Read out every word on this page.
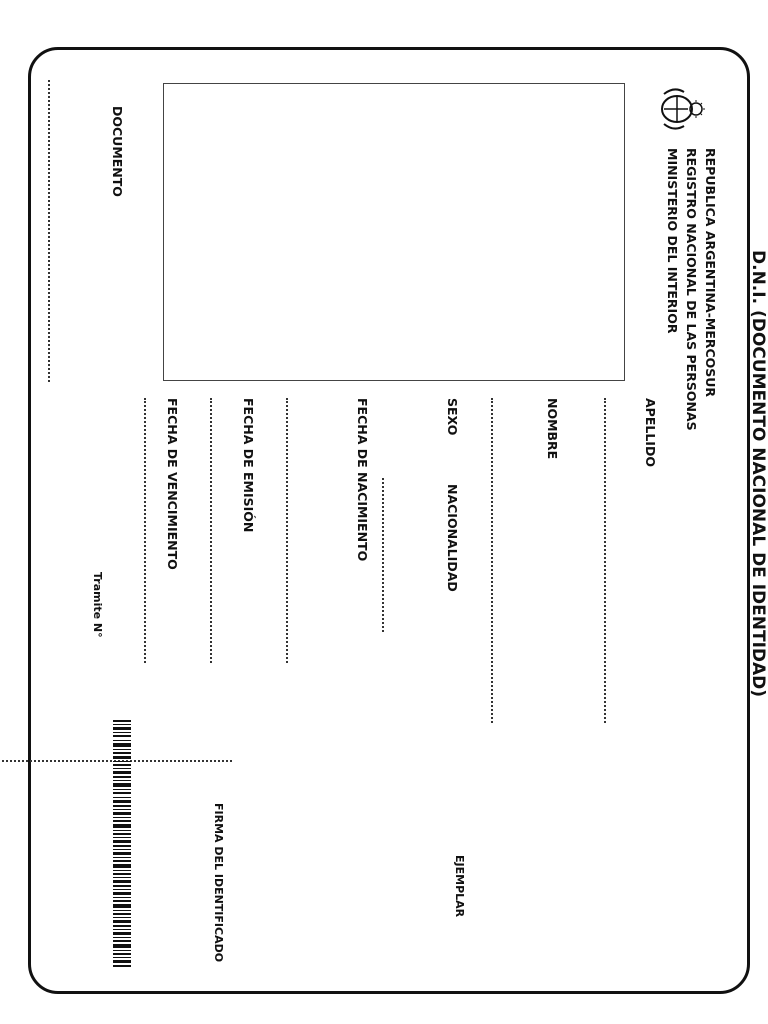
D.N.I. (DOCUMENTO NACIONAL DE IDENTIDAD)
REPUBLICA ARGENTINA-MERCOSUR
REGISTRO NACIONAL DE LAS PERSONAS
MINISTERIO DEL INTERIOR
APELLIDO
NOMBRE
SEXO
NACIONALIDAD
FECHA DE NACIMIENTO
FECHA DE EMISIÓN
FECHA DE VENCIMIENTO
DOCUMENTO
Tramite N°
EJEMPLAR
FIRMA DEL IDENTIFICADO
